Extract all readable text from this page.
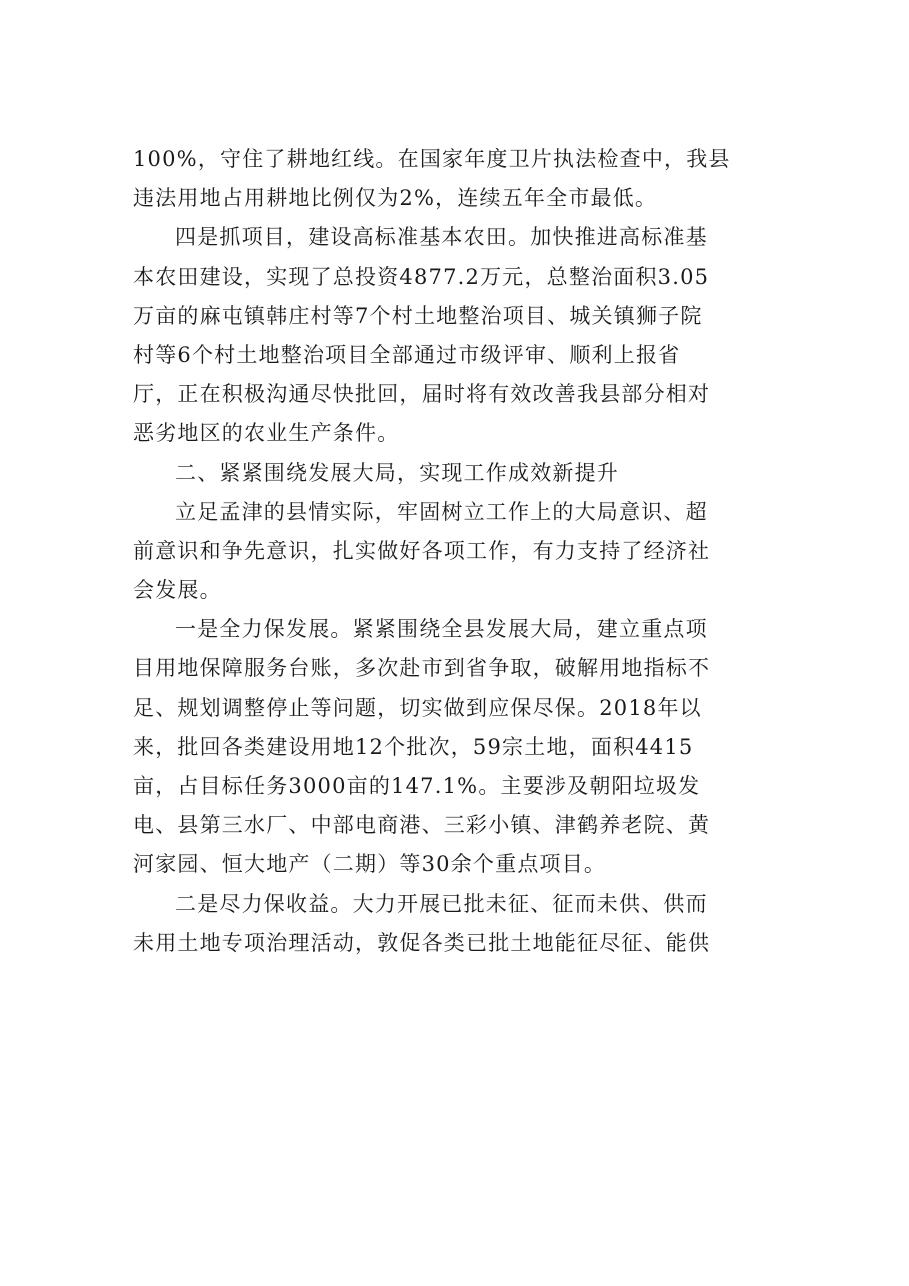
100%，守住了耕地红线。在国家年度卫片执法检查中，我县
违法用地占用耕地比例仅为2%，连续五年全市最低。
四是抓项目，建设高标准基本农田。加快推进高标准基
本农田建设，实现了总投资4877.2万元，总整治面积3.05
万亩的麻屯镇韩庄村等7个村土地整治项目、城关镇狮子院
村等6个村土地整治项目全部通过市级评审、顺利上报省
厅，正在积极沟通尽快批回，届时将有效改善我县部分相对
恶劣地区的农业生产条件。
二、紧紧围绕发展大局，实现工作成效新提升
立足孟津的县情实际，牢固树立工作上的大局意识、超
前意识和争先意识，扎实做好各项工作，有力支持了经济社
会发展。
一是全力保发展。紧紧围绕全县发展大局，建立重点项
目用地保障服务台账，多次赴市到省争取，破解用地指标不
足、规划调整停止等问题，切实做到应保尽保。2018年以
来，批回各类建设用地12个批次，59宗土地，面积4415
亩，占目标任务3000亩的147.1%。主要涉及朝阳垃圾发
电、县第三水厂、中部电商港、三彩小镇、津鹤养老院、黄
河家园、恒大地产（二期）等30余个重点项目。
二是尽力保收益。大力开展已批未征、征而未供、供而
未用土地专项治理活动，敦促各类已批土地能征尽征、能供
